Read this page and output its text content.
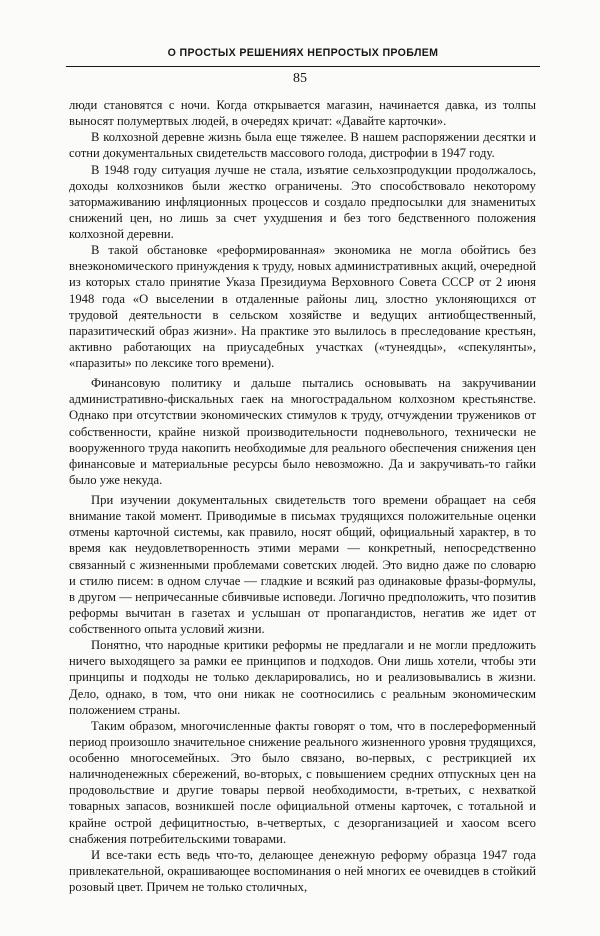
О ПРОСТЫХ РЕШЕНИЯХ НЕПРОСТЫХ ПРОБЛЕМ
85

люди становятся с ночи. Когда открывается магазин, начинается давка, из толпы выносят полумертвых людей, в очередях кричат: «Давайте карточки».

В колхозной деревне жизнь была еще тяжелее. В нашем распоряжении десятки и сотни документальных свидетельств массового голода, дистрофии в 1947 году.

В 1948 году ситуация лучше не стала, изъятие сельхозпродукции продолжалось, доходы колхозников были жестко ограничены. Это способствовало некоторому затормаживанию инфляционных процессов и создало предпосылки для знаменитых снижений цен, но лишь за счет ухудшения и без того бедственного положения колхозной деревни.

В такой обстановке «реформированная» экономика не могла обойтись без внеэкономического принуждения к труду, новых административных акций, очередной из которых стало принятие Указа Президиума Верховного Совета СССР от 2 июня 1948 года «О выселении в отдаленные районы лиц, злостно уклоняющихся от трудовой деятельности в сельском хозяйстве и ведущих антиобщественный, паразитический образ жизни». На практике это вылилось в преследование крестьян, активно работающих на приусадебных участках («тунеядцы», «спекулянты», «паразиты» по лексике того времени).

Финансовую политику и дальше пытались основывать на закручивании административно-фискальных гаек на многострадальном колхозном крестьянстве. Однако при отсутствии экономических стимулов к труду, отчуждении тружеников от собственности, крайне низкой производительности подневольного, технически не вооруженного труда накопить необходимые для реального обеспечения снижения цен финансовые и материальные ресурсы было невозможно. Да и закручивать-то гайки было уже некуда.

При изучении документальных свидетельств того времени обращает на себя внимание такой момент. Приводимые в письмах трудящихся положительные оценки отмены карточной системы, как правило, носят общий, официальный характер, в то время как неудовлетворенность этими мерами — конкретный, непосредственно связанный с жизненными проблемами советских людей. Это видно даже по словарю и стилю писем: в одном случае — гладкие и всякий раз одинаковые фразы-формулы, в другом — непричесанные сбивчивые исповеди. Логично предположить, что позитив реформы вычитан в газетах и услышан от пропагандистов, негатив же идет от собственного опыта условий жизни.

Понятно, что народные критики реформы не предлагали и не могли предложить ничего выходящего за рамки ее принципов и подходов. Они лишь хотели, чтобы эти принципы и подходы не только декларировались, но и реализовывались в жизни. Дело, однако, в том, что они никак не соотносились с реальным экономическим положением страны.

Таким образом, многочисленные факты говорят о том, что в послереформенный период произошло значительное снижение реального жизненного уровня трудящихся, особенно многосемейных. Это было связано, во-первых, с рестрикцией их наличноденежных сбережений, во-вторых, с повышением средних отпускных цен на продовольствие и другие товары первой необходимости, в-третьих, с нехваткой товарных запасов, возникшей после официальной отмены карточек, с тотальной и крайне острой дефицитностью, в-четвертых, с дезорганизацией и хаосом всего снабжения потребительскими товарами.

И все-таки есть ведь что-то, делающее денежную реформу образца 1947 года привлекательной, окрашивающее воспоминания о ней многих ее очевидцев в стойкий розовый цвет. Причем не только столичных,
